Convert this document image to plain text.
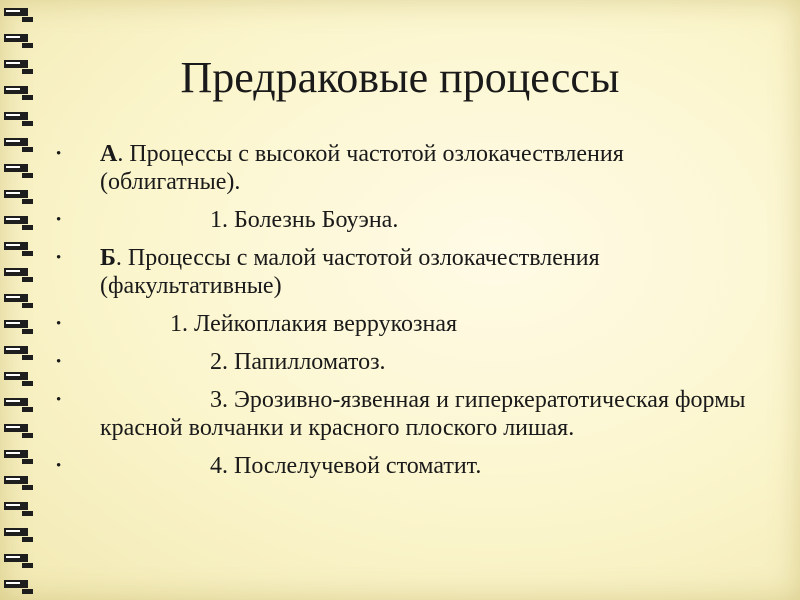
Предраковые процессы
• А. Процессы с высокой частотой озлокачествления (облигатные).
•	1. Болезнь Боуэна.
• Б. Процессы с малой частотой озлокачествления (факультативные)
•	1. Лейкоплакия веррукозная
•	2. Папилломатоз.
•	3. Эрозивно-язвенная и гиперкератотическая формы красной волчанки и красного плоского лишая.
•	4. Послелучевой стоматит.
